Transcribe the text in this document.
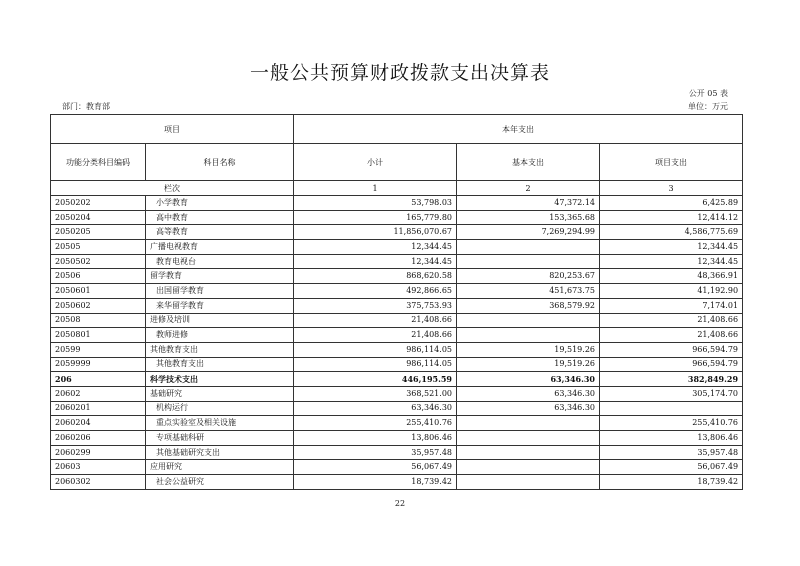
一般公共预算财政拨款支出决算表
公开 05 表
部门：教育部	单位：万元
项目		本年支出		
功能分类科目编码	科目名称	小计	基本支出	项目支出
栏次		1	2	3
2050202	小学教育	53,798.03	47,372.14	6,425.89
2050204	高中教育	165,779.80	153,365.68	12,414.12
2050205	高等教育	11,856,070.67	7,269,294.99	4,586,775.69
20505	广播电视教育	12,344.45		12,344.45
2050502	教育电视台	12,344.45		12,344.45
20506	留学教育	868,620.58	820,253.67	48,366.91
2050601	出国留学教育	492,866.65	451,673.75	41,192.90
2050602	来华留学教育	375,753.93	368,579.92	7,174.01
20508	进修及培训	21,408.66		21,408.66
2050801	教师进修	21,408.66		21,408.66
20599	其他教育支出	986,114.05	19,519.26	966,594.79
2059999	其他教育支出	986,114.05	19,519.26	966,594.79
206	科学技术支出	446,195.59	63,346.30	382,849.29
20602	基础研究	368,521.00	63,346.30	305,174.70
2060201	机构运行	63,346.30	63,346.30	
2060204	重点实验室及相关设施	255,410.76		255,410.76
2060206	专项基础科研	13,806.46		13,806.46
2060299	其他基础研究支出	35,957.48		35,957.48
20603	应用研究	56,067.49		56,067.49
2060302	社会公益研究	18,739.42		18,739.42
22
